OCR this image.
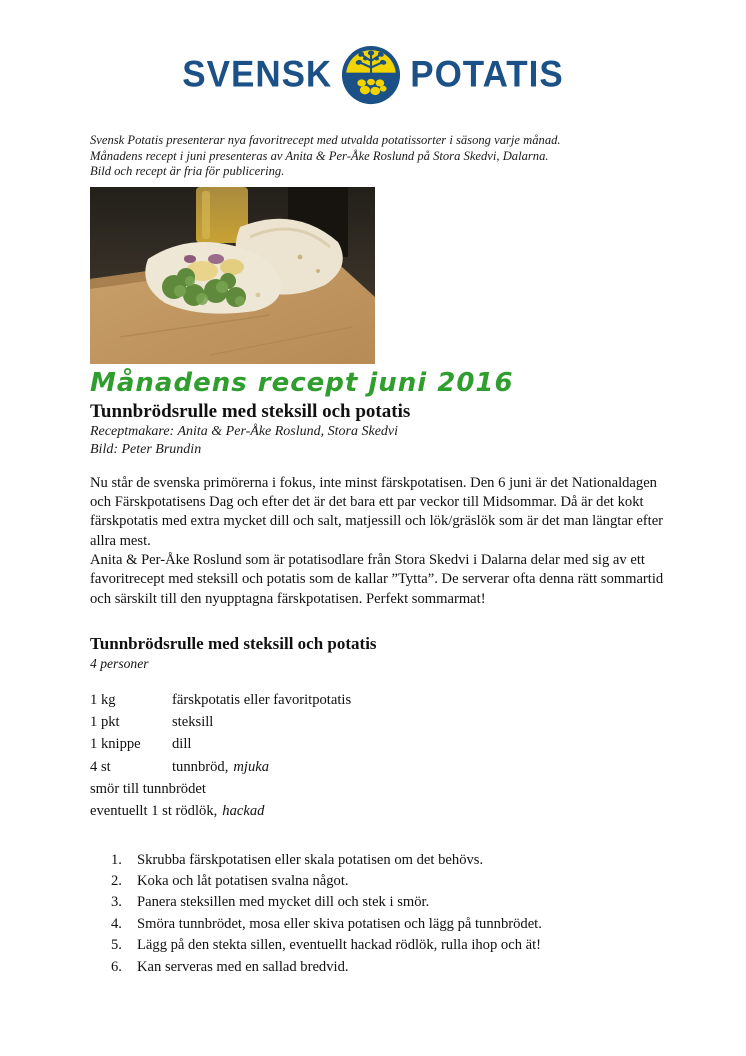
SVENSK POTATIS
Svensk Potatis presenterar nya favoritrecept med utvalda potatissorter i säsong varje månad.
Månadens recept i juni presenteras av Anita & Per-Åke Roslund på Stora Skedvi, Dalarna.
Bild och recept är fria för publicering.
Månadens recept juni 2016
Tunnbrödsrulle med steksill och potatis
Receptmakare: Anita & Per-Åke Roslund, Stora Skedvi
Bild: Peter Brundin

Nu står de svenska primörerna i fokus, inte minst färskpotatisen. Den 6 juni är det Nationaldagen och Färskpotatisens Dag och efter det är det bara ett par veckor till Midsommar. Då är det kokt färskpotatis med extra mycket dill och salt, matjessill och lök/gräslök som är det man längtar efter allra mest.

Anita & Per-Åke Roslund som är potatisodlare från Stora Skedvi i Dalarna delar med sig av ett favoritrecept med steksill och potatis som de kallar ”Tytta”. De serverar ofta denna rätt sommartid och särskilt till den nyupptagna färskpotatisen. Perfekt sommarmat!

Tunnbrödsrulle med steksill och potatis
4 personer
1 kg	färskpotatis eller favoritpotatis
1 pkt	steksill
1 knippe	dill
4 st	tunnbröd, mjuka
smör till tunnbrödet
eventuellt 1 st rödlök, hackad
1.	Skrubba färskpotatisen eller skala potatisen om det behövs.
2.	Koka och låt potatisen svalna något.
3.	Panera steksillen med mycket dill och stek i smör.
4.	Smöra tunnbrödet, mosa eller skiva potatisen och lägg på tunnbrödet.
5.	Lägg på den stekta sillen, eventuellt hackad rödlök, rulla ihop och ät!
6.	Kan serveras med en sallad bredvid.
